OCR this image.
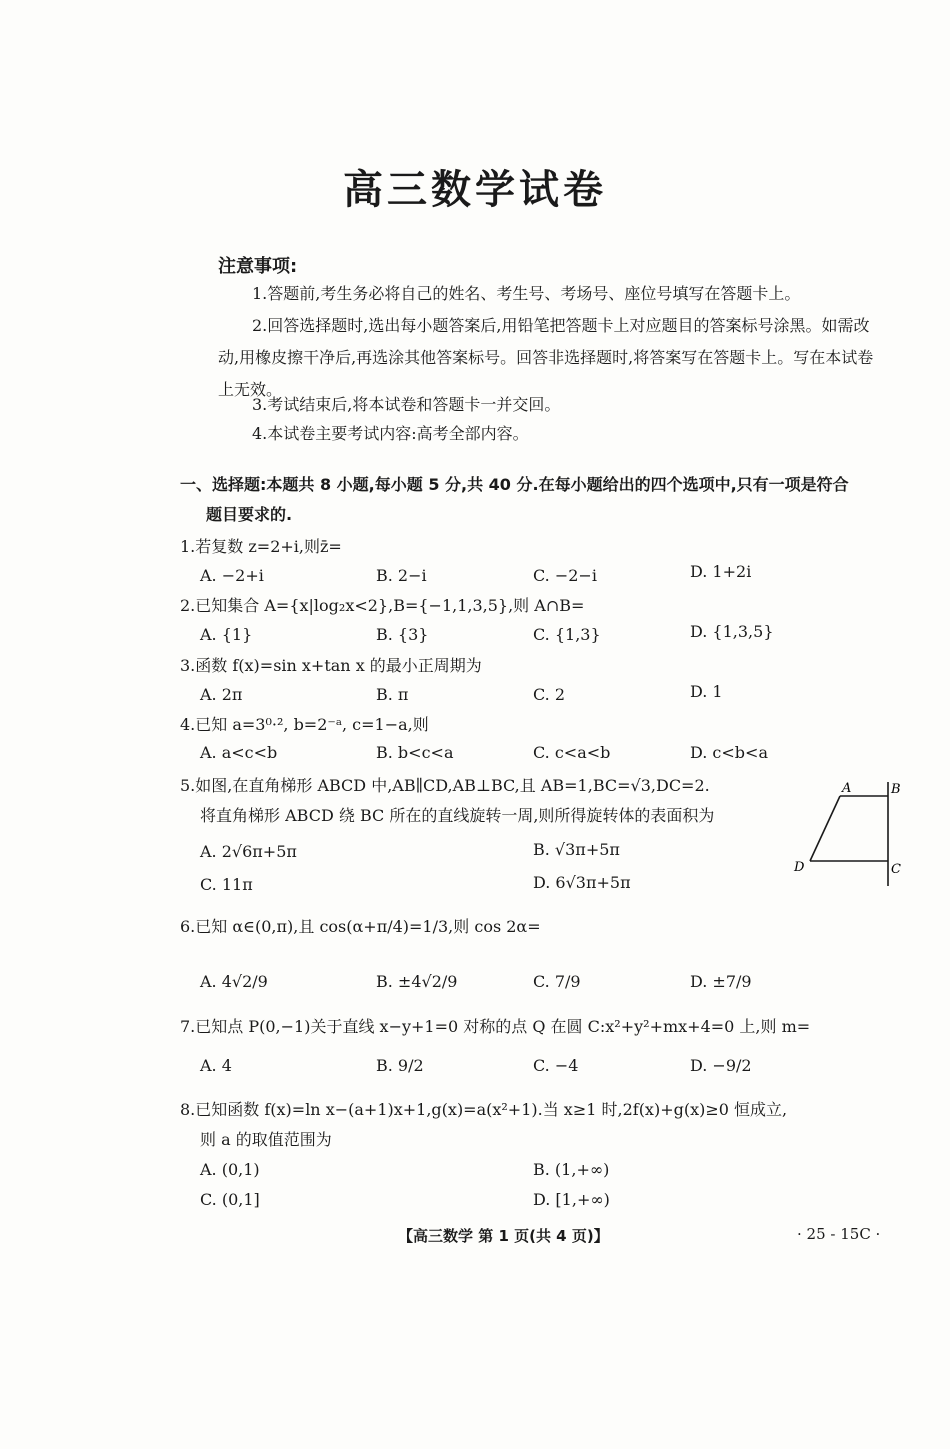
高三数学试卷
注意事项:
1.答题前,考生务必将自己的姓名、考生号、考场号、座位号填写在答题卡上。
2.回答选择题时,选出每小题答案后,用铅笔把答题卡上对应题目的答案标号涂黑。如需改动,用橡皮擦干净后,再选涂其他答案标号。回答非选择题时,将答案写在答题卡上。写在本试卷上无效。
3.考试结束后,将本试卷和答题卡一并交回。
4.本试卷主要考试内容:高考全部内容。
一、选择题:本题共 8 小题,每小题 5 分,共 40 分.在每小题给出的四个选项中,只有一项是符合
题目要求的.
1.若复数 z=2+i,则z̄=
A. −2+i	B. 2−i	C. −2−i	D. 1+2i
2.已知集合 A={x|log₂x<2},B={−1,1,3,5},则 A∩B=
A. {1}	B. {3}	C. {1,3}	D. {1,3,5}
3.函数 f(x)=sin x+tan x 的最小正周期为
A. 2π	B. π	C. 2	D. 1
4.已知 a=3⁰·², b=2⁻ᵃ, c=1−a,则
A. a<c<b	B. b<c<a	C. c<a<b	D. c<b<a
5.如图,在直角梯形 ABCD 中,AB∥CD,AB⊥BC,且 AB=1,BC=√3,DC=2.
将直角梯形 ABCD 绕 BC 所在的直线旋转一周,则所得旋转体的表面积为
A. 2√6π+5π	B. √3π+5π
C. 11π	D. 6√3π+5π
A	B
C
D
6.已知 α∈(0,π),且 cos(α+π/4)=1/3,则 cos 2α=
A. 4√2/9	B. ±4√2/9	C. 7/9	D. ±7/9
7.已知点 P(0,−1)关于直线 x−y+1=0 对称的点 Q 在圆 C:x²+y²+mx+4=0 上,则 m=
A. 4	B. 9/2	C. −4	D. −9/2
8.已知函数 f(x)=ln x−(a+1)x+1,g(x)=a(x²+1).当 x≥1 时,2f(x)+g(x)≥0 恒成立,
则 a 的取值范围为
A. (0,1)	B. (1,+∞)
C. (0,1]	D. [1,+∞)
【高三数学 第 1 页(共 4 页)】	· 25 - 15C ·
